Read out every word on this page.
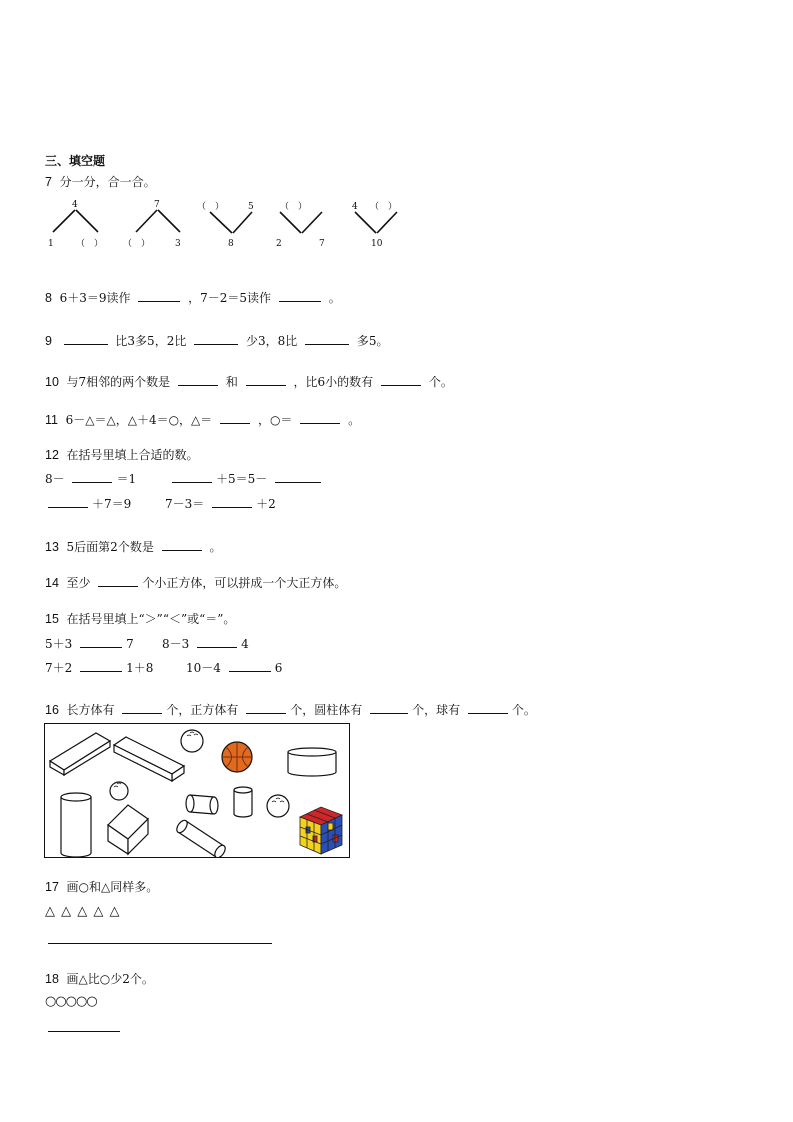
三、填空题
7 分一分，合一合。
4
1 （　）
7
（　）	3
（　）	5
8
（　）
2	7
4 （　）
10
8 6＋3＝9读作	，7－2＝5读作	。
9	比3多5，2比	少3，8比	多5。
10 与7相邻的两个数是	和	，比6小的数有	个。
11 6－△＝△，△＋4＝○，△＝	，○＝	。
12 在括号里填上合适的数。
8－	＝1	＋5＝5－
＋7＝9	7－3＝	＋2
13 5后面第2个数是	。
14 至少	个小正方体，可以拼成一个大正方体。
15 在括号里填上“＞”“＜”或“＝”。
5＋3	7 8－3	4
7＋2	1＋8	10－4	6
16 长方体有	个，正方体有	个，圆柱体有	个，球有	个。
17 画○和△同样多。
△ △ △ △ △
18 画△比○少2个。
○○○○○
